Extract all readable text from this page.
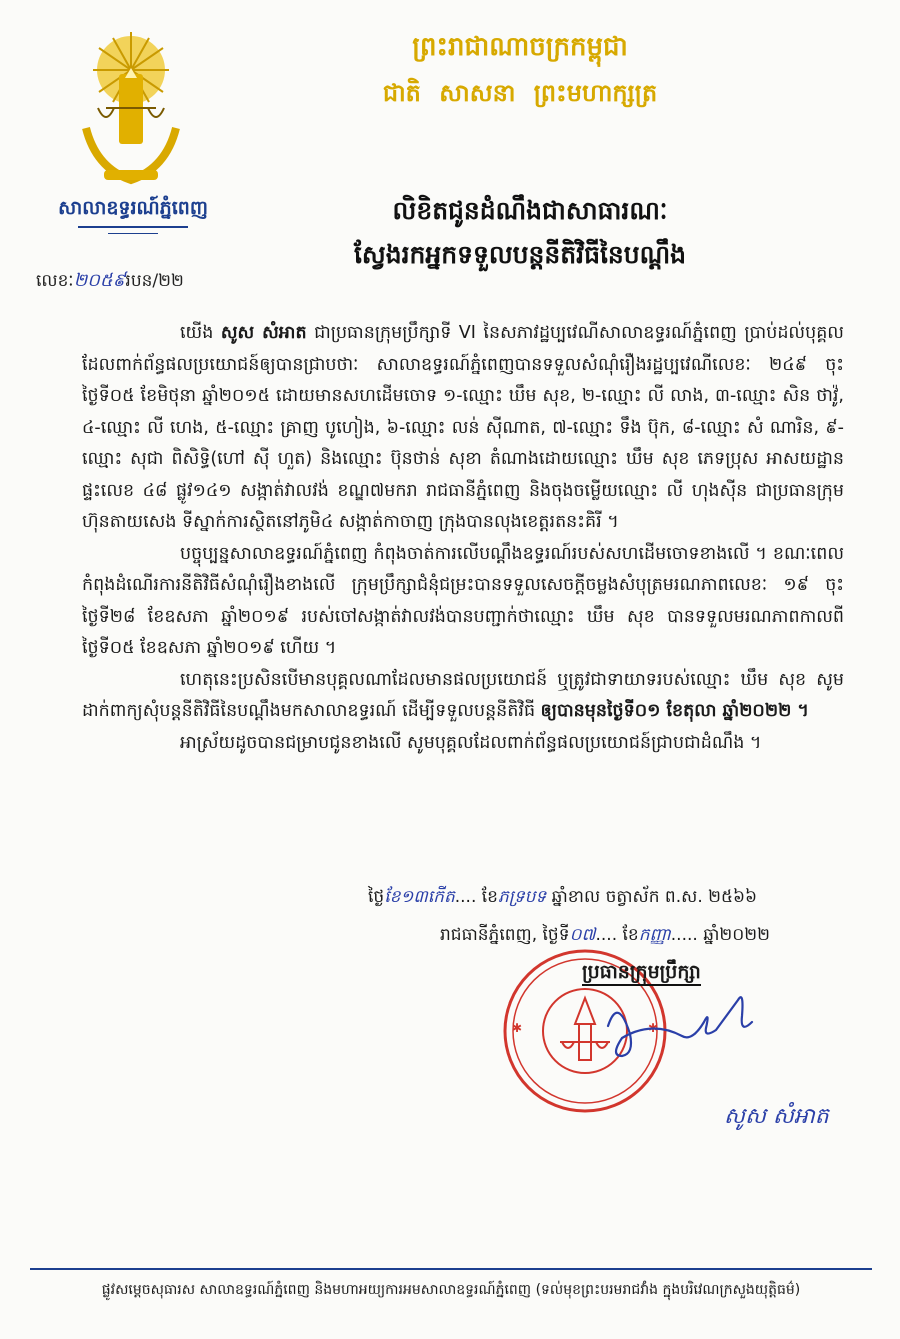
សាលាឧទ្ធរណ៍ភ្នំពេញ
ព្រះរាជាណាចក្រកម្ពុជា
ជាតិ សាសនា ព្រះមហាក្សត្រ
លិខិតជូនដំណឹងជាសាធារណៈ
ស្វែងរកអ្នកទទួលបន្តនីតិវិធីនៃបណ្តឹង
លេខៈ២០៥៩របន/២២

យើង សូស សំអាត ជាប្រធានក្រុមប្រឹក្សាទី VI នៃសភាវដ្ឋប្បវេណីសាលាឧទ្ធរណ៍ភ្នំពេញ ប្រាប់ដល់បុគ្គលដែលពាក់ព័ន្ធផលប្រយោជន៍ឲ្យបានជ្រាបថាៈ សាលាឧទ្ធរណ៍ភ្នំពេញបានទទួលសំណុំរឿងរដ្ឋប្បវេណីលេខៈ ២៤៩ ចុះថ្ងៃទី០៥ ខែមិថុនា ឆ្នាំ២០១៥ ដោយមានសហដើមចោទ ១-ឈ្មោះ ឃឹម សុខ, ២-ឈ្មោះ លី លាង, ៣-ឈ្មោះ សិន ថាវ៉ូ, ៤-ឈ្មោះ លី ហេង, ៥-ឈ្មោះ គ្រាញ បូហៀង, ៦-ឈ្មោះ លន់ ស៊ីណាត, ៧-ឈ្មោះ ទឹង ប៊ុក, ៨-ឈ្មោះ សំ ណារិន, ៩-ឈ្មោះ សុជា ពិសិទ្ធិ(ហៅ ស៊ី ហួត) និងឈ្មោះ ប៊ុនថាន់ សុខា តំណាងដោយឈ្មោះ ឃឹម សុខ ភេទប្រុស អាសយដ្ឋានផ្ទះលេខ ៤៨ ផ្លូវ១៤១ សង្កាត់វាលវង់ ខណ្ឌ៧មករា រាជធានីភ្នំពេញ និងចុងចម្លើយឈ្មោះ លី ហុងស៊ីន ជាប្រធានក្រុមហ៊ុនតាយសេង ទីស្នាក់ការស្ថិតនៅភូមិ៤ សង្កាត់កាចាញ ក្រុងបានលុងខេត្តរតនះគិរី ។

បច្ចុប្បន្នសាលាឧទ្ធរណ៍ភ្នំពេញ កំពុងចាត់ការលើបណ្តឹងឧទ្ធរណ៍របស់សហដើមចោទខាងលើ ។ ខណៈពេលកំពុងដំណើរការនីតិវិធីសំណុំរឿងខាងលើ ក្រុមប្រឹក្សាជំនុំជម្រះបានទទួលសេចក្តីចម្លងសំបុត្រមរណភាពលេខៈ ១៩ ចុះថ្ងៃទី២៨ ខែឧសភា ឆ្នាំ២០១៩ របស់ចៅសង្កាត់វាលវង់បានបញ្ជាក់ថាឈ្មោះ ឃឹម សុខ បានទទួលមរណភាពកាលពីថ្ងៃទី០៥ ខែឧសភា ឆ្នាំ២០១៩ ហើយ ។

ហេតុនេះប្រសិនបើមានបុគ្គលណាដែលមានផលប្រយោជន៍ ឬត្រូវជាទាយាទរបស់ឈ្មោះ ឃឹម សុខ សូមដាក់ពាក្យសុំបន្តនីតិវិធីនៃបណ្តឹងមកសាលាឧទ្ធរណ៍ ដើម្បីទទួលបន្តនីតិវិធី ឲ្យបានមុនថ្ងៃទី០១ ខែតុលា ឆ្នាំ២០២២ ។

អាស្រ័យដូចបានជម្រាបជូនខាងលើ សូមបុគ្គលដែលពាក់ព័ន្ធផលប្រយោជន៍ជ្រាបជាដំណឹង ។

ថ្ងៃខែ១៣កើត.... ខែភទ្របទ ឆ្នាំខាល ចត្វាស័ក ព.ស. ២៥៦៦
រាជធានីភ្នំពេញ, ថ្ងៃទី០៧.... ខែកញ្ញា..... ឆ្នាំ២០២២
✱	✱
ប្រធានក្រុមប្រឹក្សា
សូស សំអាត
ផ្លូវសម្តេចសុធារស សាលាឧទ្ធរណ៍ភ្នំពេញ និងមហាអយ្យការអមសាលាឧទ្ធរណ៍ភ្នំពេញ (ទល់មុខព្រះបរមរាជវាំង ក្នុងបរិវេណក្រសួងយុត្តិធម៌)
